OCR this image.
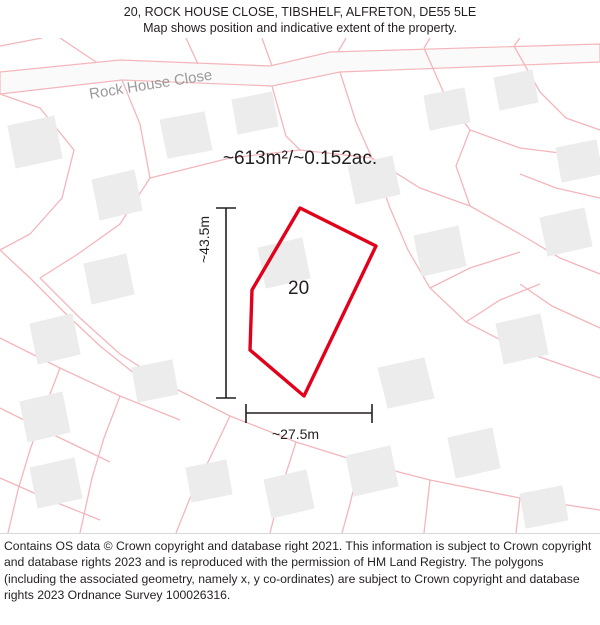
20, ROCK HOUSE CLOSE, TIBSHELF, ALFRETON, DE55 5LE
Map shows position and indicative extent of the property.
~613m²/~0.152ac.
20
~43.5m
~27.5m
Rock House Close

Contains OS data © Crown copyright and database right 2021. This information is subject to Crown copyright and database rights 2023 and is reproduced with the permission of HM Land Registry. The polygons (including the associated geometry, namely x, y co-ordinates) are subject to Crown copyright and database rights 2023 Ordnance Survey 100026316.
